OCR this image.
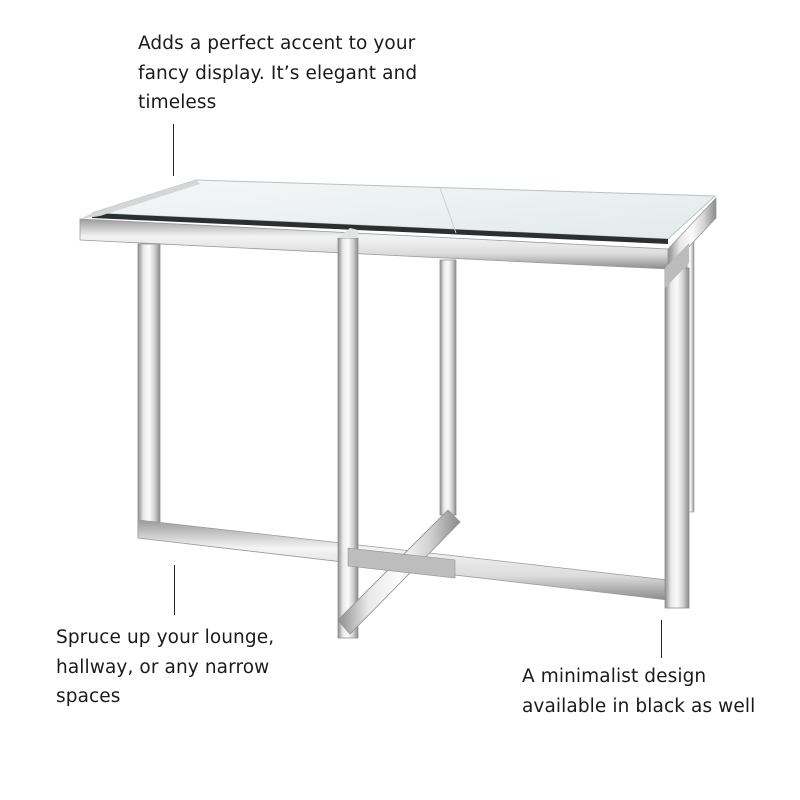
Adds a perfect accent to your
fancy display. It’s elegant and
timeless
Spruce up your lounge,
hallway, or any narrow
spaces
A minimalist design
available in black as well
